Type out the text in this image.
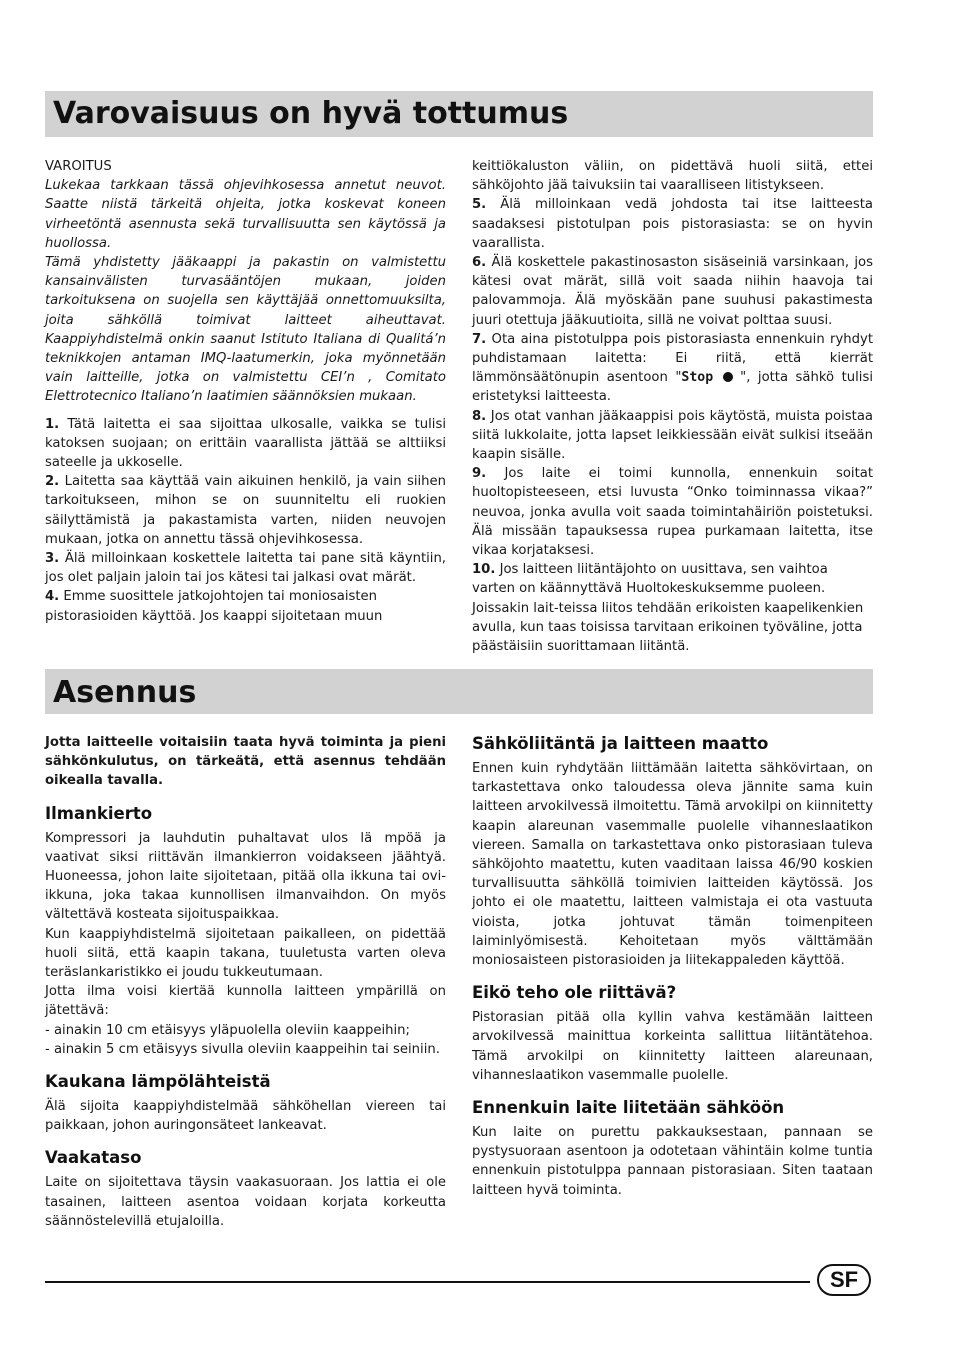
Varovaisuus on hyvä tottumus

VAROITUS

Lukekaa tarkkaan tässä ohjevihkosessa annetut neuvot. Saatte niistä tärkeitä ohjeita, jotka koskevat koneen virheetöntä asennusta sekä turvallisuutta sen käytössä ja huollossa.

Tämä yhdistetty jääkaappi ja pakastin on valmistettu kansainvälisten turvasääntöjen mukaan, joiden tarkoituksena on suojella sen käyttäjää onnettomuuksilta, joita sähköllä toimivat laitteet aiheuttavat. Kaappiyhdistelmä onkin saanut Istituto Italiana di Qualitá’n teknikkojen antaman IMQ-laatumerkin, joka myönnetään vain laitteille, jotka on valmistettu CEI’n , Comitato Elettrotecnico Italiano’n laatimien säännöksien mukaan.

1. Tätä laitetta ei saa sijoittaa ulkosalle, vaikka se tulisi katoksen suojaan; on erittäin vaarallista jättää se alttiiksi sateelle ja ukkoselle.

2. Laitetta saa käyttää vain aikuinen henkilö, ja vain siihen tarkoitukseen, mihon se on suunniteltu eli ruokien säilyttämistä ja pakastamista varten, niiden neuvojen mukaan, jotka on annettu tässä ohjevihkosessa.

3. Älä milloinkaan koskettele laitetta tai pane sitä käyntiin, jos olet paljain jaloin tai jos kätesi tai jalkasi ovat märät.

4. Emme suosittele jatkojohtojen tai moniosaisten pistorasioiden käyttöä. Jos kaappi sijoitetaan muun

keittiökaluston väliin, on pidettävä huoli siitä, ettei sähköjohto jää taivuksiin tai vaaralliseen litistykseen.

5. Älä milloinkaan vedä johdosta tai itse laitteesta saadaksesi pistotulpan pois pistorasiasta: se on hyvin vaarallista.

6. Älä koskettele pakastinosaston sisäseiniä varsinkaan, jos kätesi ovat märät, sillä voit saada niihin haavoja tai palovammoja. Älä myöskään pane suuhusi pakastimesta juuri otettuja jääkuutioita, sillä ne voivat polttaa suusi.

7. Ota aina pistotulppa pois pistorasiasta ennenkuin ryhdyt puhdistamaan laitetta: Ei riitä, että kierrät lämmönsäätönupin asentoon "Stop ", jotta sähkö tulisi eristetyksi laitteesta.

8. Jos otat vanhan jääkaappisi pois käytöstä, muista poistaa siitä lukkolaite, jotta lapset leikkiessään eivät sulkisi itseään kaapin sisälle.

9. Jos laite ei toimi kunnolla, ennenkuin soitat huoltopisteeseen, etsi luvusta “Onko toiminnassa vikaa?” neuvoa, jonka avulla voit saada toimintahäiriön poistetuksi. Älä missään tapauksessa rupea purkamaan laitetta, itse vikaa korjataksesi.

10. Jos laitteen liitäntäjohto on uusittava, sen vaihtoa varten on käännyttävä Huoltokeskuksemme puoleen. Joissakin lait-teissa liitos tehdään erikoisten kaapelikenkien avulla, kun taas toisissa tarvitaan erikoinen työväline, jotta päästäisiin suorittamaan liitäntä.

Asennus

Jotta laitteelle voitaisiin taata hyvä toiminta ja pieni sähkönkulutus, on tärkeätä, että asennus tehdään oikealla tavalla.

Ilmankierto

Kompressori ja lauhdutin puhaltavat ulos lä mpöä ja vaativat siksi riittävän ilmankierron voidakseen jäähtyä. Huoneessa, johon laite sijoitetaan, pitää olla ikkuna tai ovi-ikkuna, joka takaa kunnollisen ilmanvaihdon. On myös vältettävä kosteata sijoituspaikkaa.

Kun kaappiyhdistelmä sijoitetaan paikalleen, on pidettää huoli siitä, että kaapin takana, tuuletusta varten oleva teräslankaristikko ei joudu tukkeutumaan.

Jotta ilma voisi kiertää kunnolla laitteen ympärillä on jätettävä:

- ainakin 10 cm etäisyys yläpuolella oleviin kaappeihin;

- ainakin 5 cm etäisyys sivulla oleviin kaappeihin tai seiniin.

Kaukana lämpölähteistä

Älä sijoita kaappiyhdistelmää sähköhellan viereen tai paikkaan, johon auringonsäteet lankeavat.

Vaakataso

Laite on sijoitettava täysin vaakasuoraan. Jos lattia ei ole tasainen, laitteen asentoa voidaan korjata korkeutta säännöstelevillä etujaloilla.

Sähköliitäntä ja laitteen maatto

Ennen kuin ryhdytään liittämään laitetta sähkövirtaan, on tarkastettava onko taloudessa oleva jännite sama kuin laitteen arvokilvessä ilmoitettu. Tämä arvokilpi on kiinnitetty kaapin alareunan vasemmalle puolelle vihanneslaatikon viereen. Samalla on tarkastettava onko pistorasiaan tuleva sähköjohto maatettu, kuten vaaditaan laissa 46/90 koskien turvallisuutta sähköllä toimivien laitteiden käytössä. Jos johto ei ole maatettu, laitteen valmistaja ei ota vastuuta vioista, jotka johtuvat tämän toimenpiteen laiminlyömisestä. Kehoitetaan myös välttämään moniosaisteen pistorasioiden ja liitekappaleden käyttöä.

Eikö teho ole riittävä?

Pistorasian pitää olla kyllin vahva kestämään laitteen arvokilvessä mainittua korkeinta sallittua liitäntätehoa. Tämä arvokilpi on kiinnitetty laitteen alareunaan, vihanneslaatikon vasemmalle puolelle.

Ennenkuin laite liitetään sähköön

Kun laite on purettu pakkauksestaan, pannaan se pystysuoraan asentoon ja odotetaan vähintäin kolme tuntia ennenkuin pistotulppa pannaan pistorasiaan. Siten taataan laitteen hyvä toiminta.

SF
